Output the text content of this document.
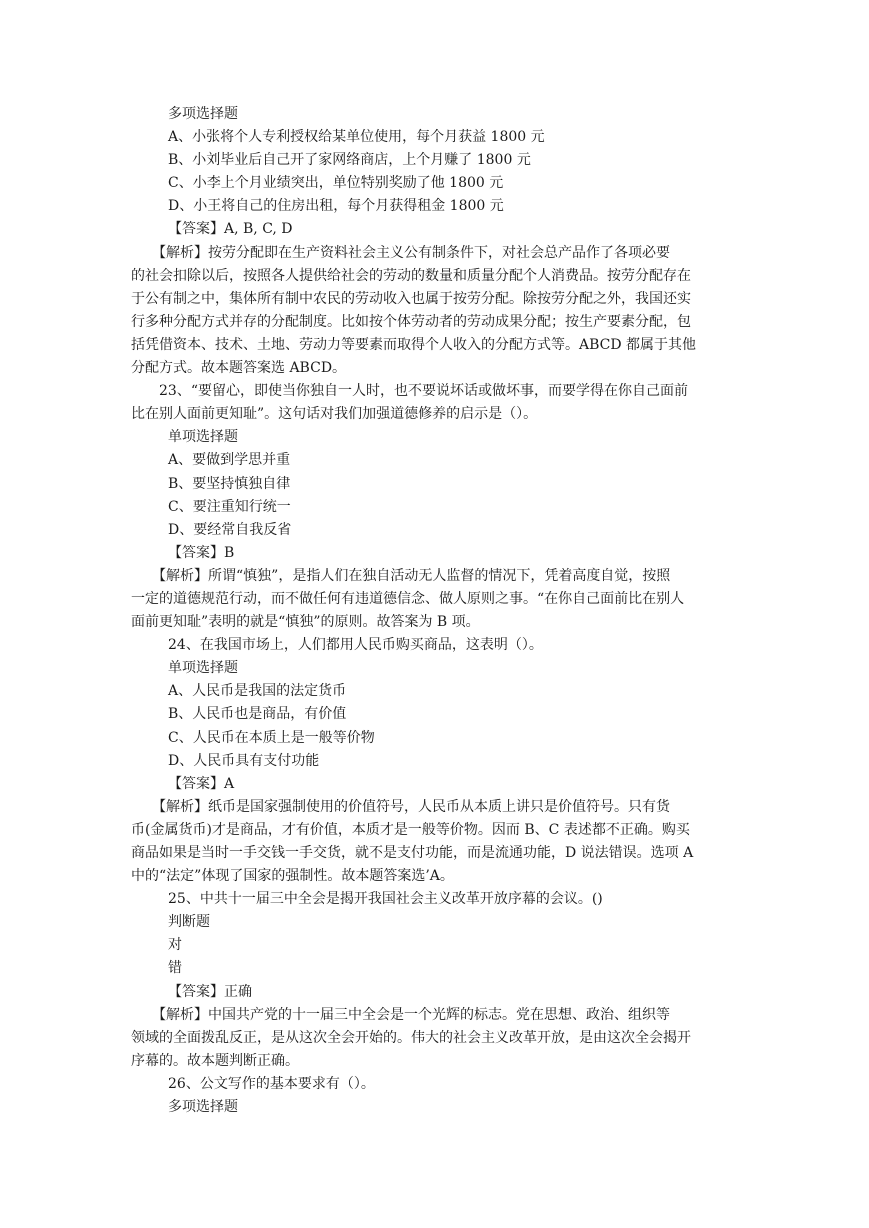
多项选择题
A、小张将个人专利授权给某单位使用，每个月获益 1800 元
B、小刘毕业后自己开了家网络商店，上个月赚了 1800 元
C、小李上个月业绩突出，单位特别奖励了他 1800 元
D、小王将自己的住房出租，每个月获得租金 1800 元
【答案】A, B, C, D
　　【解析】按劳分配即在生产资料社会主义公有制条件下，对社会总产品作了各项必要
的社会扣除以后，按照各人提供给社会的劳动的数量和质量分配个人消费品。按劳分配存在
于公有制之中，集体所有制中农民的劳动收入也属于按劳分配。除按劳分配之外，我国还实
行多种分配方式并存的分配制度。比如按个体劳动者的劳动成果分配；按生产要素分配，包
括凭借资本、技术、土地、劳动力等要素而取得个人收入的分配方式等。ABCD 都属于其他
分配方式。故本题答案选 ABCD。
　　23、“要留心，即使当你独自一人时，也不要说坏话或做坏事，而要学得在你自己面前
比在别人面前更知耻”。这句话对我们加强道德修养的启示是（）。
单项选择题
A、要做到学思并重
B、要坚持慎独自律
C、要注重知行统一
D、要经常自我反省
【答案】B
　　【解析】所谓“慎独”，是指人们在独自活动无人监督的情况下，凭着高度自觉，按照
一定的道德规范行动，而不做任何有违道德信念、做人原则之事。“在你自己面前比在别人
面前更知耻”表明的就是“慎独”的原则。故答案为 B 项。
24、在我国市场上，人们都用人民币购买商品，这表明（）。
单项选择题
A、人民币是我国的法定货币
B、人民币也是商品，有价值
C、人民币在本质上是一般等价物
D、人民币具有支付功能
【答案】A
　　【解析】纸币是国家强制使用的价值符号，人民币从本质上讲只是价值符号。只有货
币(金属货币)才是商品，才有价值，本质才是一般等价物。因而 B、C 表述都不正确。购买
商品如果是当时一手交钱一手交货，就不是支付功能，而是流通功能，D 说法错误。选项 A
中的“法定”体现了国家的强制性。故本题答案选’A。
25、中共十一届三中全会是揭开我国社会主义改革开放序幕的会议。()
判断题
对
错
【答案】正确
　　【解析】中国共产党的十一届三中全会是一个光辉的标志。党在思想、政治、组织等
领域的全面拨乱反正，是从这次全会开始的。伟大的社会主义改革开放，是由这次全会揭开
序幕的。故本题判断正确。
26、公文写作的基本要求有（）。
多项选择题
